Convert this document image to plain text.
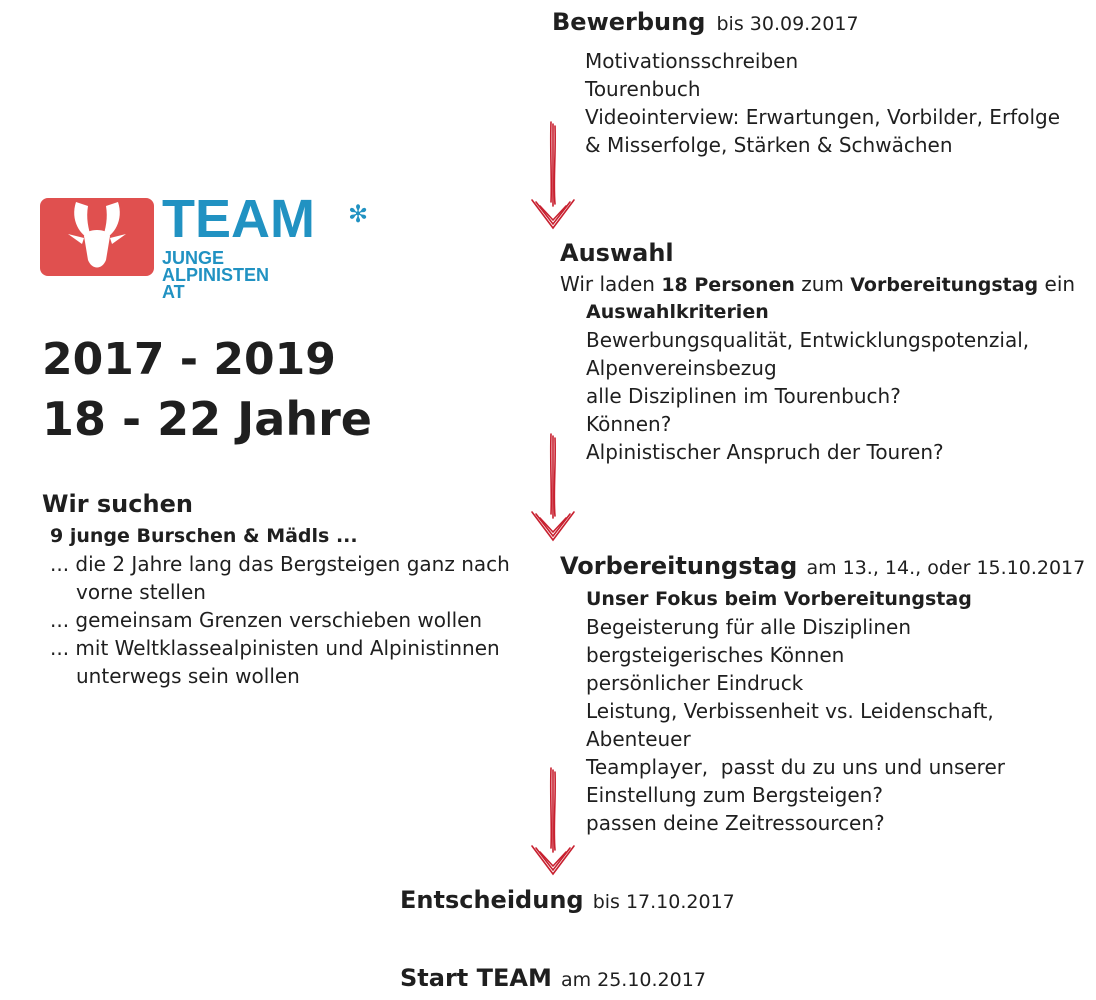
TEAM ✻
JUNGE
ALPINISTEN
AT
2017 - 2019
18 - 22 Jahre
Wir suchen
9 junge Burschen & Mädls ...
... die 2 Jahre lang das Bergsteigen ganz nach
vorne stellen
... gemeinsam Grenzen verschieben wollen
... mit Weltklassealpinisten und Alpinistinnen
unterwegs sein wollen
Bewerbung bis 30.09.2017
Motivationsschreiben
Tourenbuch
Videointerview: Erwartungen, Vorbilder, Erfolge
& Misserfolge, Stärken & Schwächen
Auswahl
Wir laden 18 Personen zum Vorbereitungstag ein
Auswahlkriterien
Bewerbungsqualität, Entwicklungspotenzial,
Alpenvereinsbezug
alle Disziplinen im Tourenbuch?
Können?
Alpinistischer Anspruch der Touren?
Vorbereitungstag am 13., 14., oder 15.10.2017
Unser Fokus beim Vorbereitungstag
Begeisterung für alle Disziplinen
bergsteigerisches Können
persönlicher Eindruck
Leistung, Verbissenheit vs. Leidenschaft,
Abenteuer
Teamplayer,  passt du zu uns und unserer
Einstellung zum Bergsteigen?
passen deine Zeitressourcen?
Entscheidung bis 17.10.2017
Start TEAM am 25.10.2017
